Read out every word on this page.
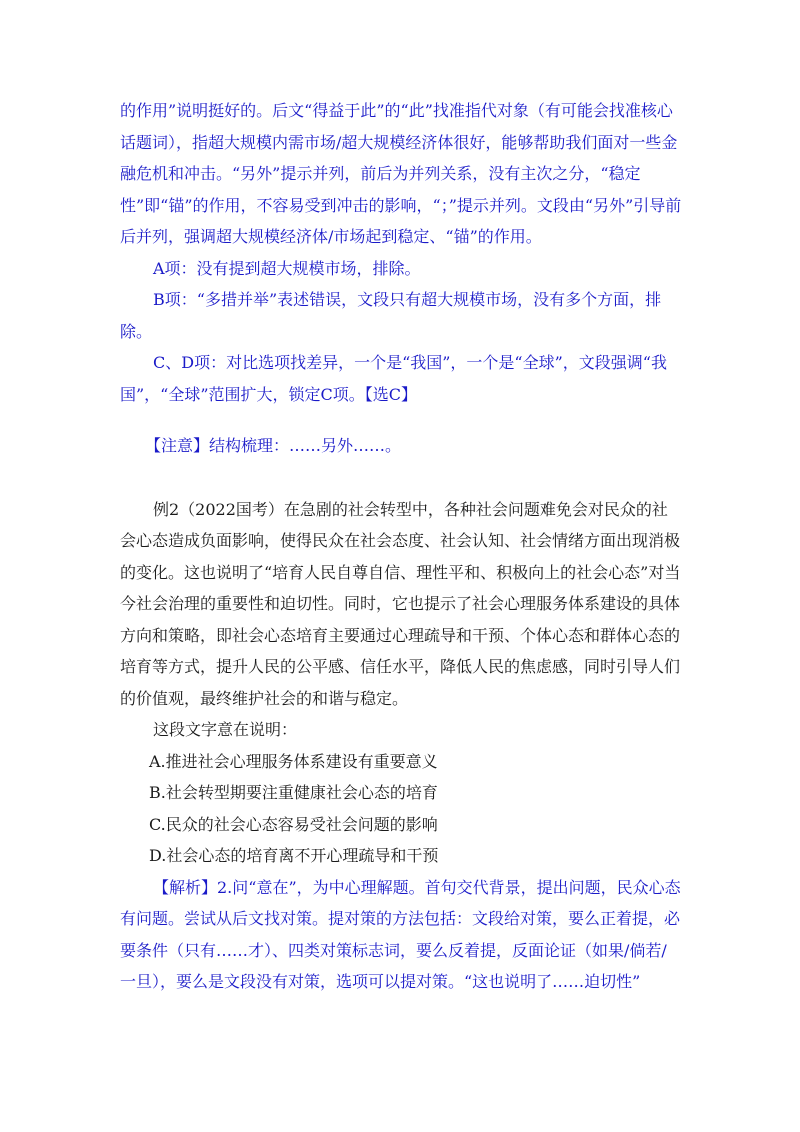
的作用”说明挺好的。后文“得益于此”的“此”找准指代对象（有可能会找准核心话题词），指超大规模内需市场/超大规模经济体很好，能够帮助我们面对一些金融危机和冲击。“另外”提示并列，前后为并列关系，没有主次之分，“稳定性”即“锚”的作用，不容易受到冲击的影响，“；”提示并列。文段由“另外”引导前后并列，强调超大规模经济体/市场起到稳定、“锚”的作用。

A项：没有提到超大规模市场，排除。

B项：“多措并举”表述错误，文段只有超大规模市场，没有多个方面，排除。

C、D项：对比选项找差异，一个是“我国”，一个是“全球”，文段强调“我国”，“全球”范围扩大，锁定C项。【选C】

【注意】结构梳理：……另外……。

例2（2022国考）在急剧的社会转型中，各种社会问题难免会对民众的社会心态造成负面影响，使得民众在社会态度、社会认知、社会情绪方面出现消极的变化。这也说明了“培育人民自尊自信、理性平和、积极向上的社会心态”对当今社会治理的重要性和迫切性。同时，它也提示了社会心理服务体系建设的具体方向和策略，即社会心态培育主要通过心理疏导和干预、个体心态和群体心态的培育等方式，提升人民的公平感、信任水平，降低人民的焦虑感，同时引导人们的价值观，最终维护社会的和谐与稳定。

这段文字意在说明：

A.推进社会心理服务体系建设有重要意义

B.社会转型期要注重健康社会心态的培育

C.民众的社会心态容易受社会问题的影响

D.社会心态的培育离不开心理疏导和干预

【解析】2.问“意在”，为中心理解题。首句交代背景，提出问题，民众心态有问题。尝试从后文找对策。提对策的方法包括：文段给对策，要么正着提，必要条件（只有……才）、四类对策标志词，要么反着提，反面论证（如果/倘若/一旦），要么是文段没有对策，选项可以提对策。“这也说明了……迫切性”
